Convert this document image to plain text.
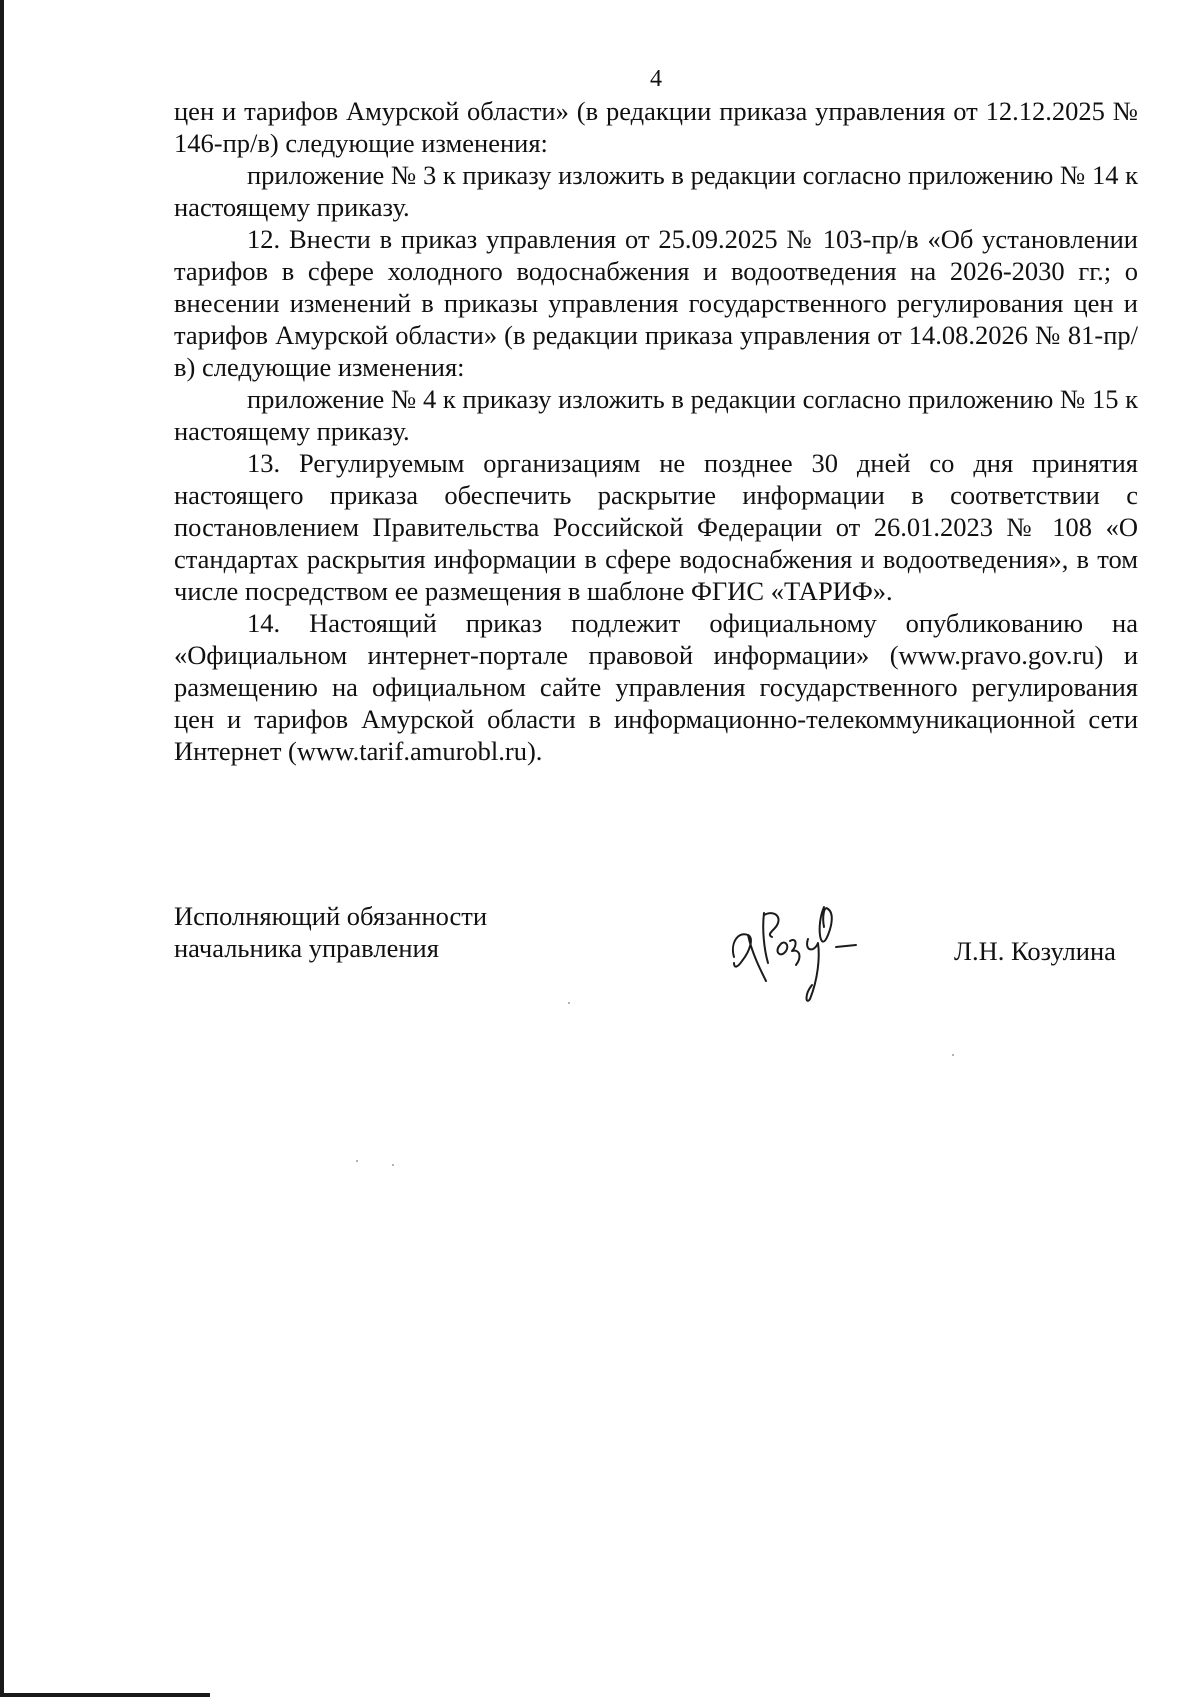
4

цен и тарифов Амурской области» (в редакции приказа управления от 12.12.2025 № 146-пр/в) следующие изменения:

приложение № 3 к приказу изложить в редакции согласно приложению № 14 к настоящему приказу.

12. Внести в приказ управления от 25.09.2025 № 103-пр/в «Об установлении тарифов в сфере холодного водоснабжения и водоотведения на 2026-2030 гг.; о внесении изменений в приказы управления государственного регулирования цен и тарифов Амурской области» (в редакции приказа управления от 14.08.2026 № 81-пр/в) следующие изменения:

приложение № 4 к приказу изложить в редакции согласно приложению № 15 к настоящему приказу.

13. Регулируемым организациям не позднее 30 дней со дня принятия настоящего приказа обеспечить раскрытие информации в соответствии с постановлением Правительства Российской Федерации от 26.01.2023 № 108 «О стандартах раскрытия информации в сфере водоснабжения и водоотведения», в том числе посредством ее размещения в шаблоне ФГИС «ТАРИФ».

14. Настоящий приказ подлежит официальному опубликованию на «Официальном интернет-портале правовой информации» (www.pravo.gov.ru) и размещению на официальном сайте управления государственного регулирования цен и тарифов Амурской области в информационно-телекоммуникационной сети Интернет (www.tarif.amurobl.ru).

Исполняющий обязанности
начальника управления	Л.Н. Козулина
